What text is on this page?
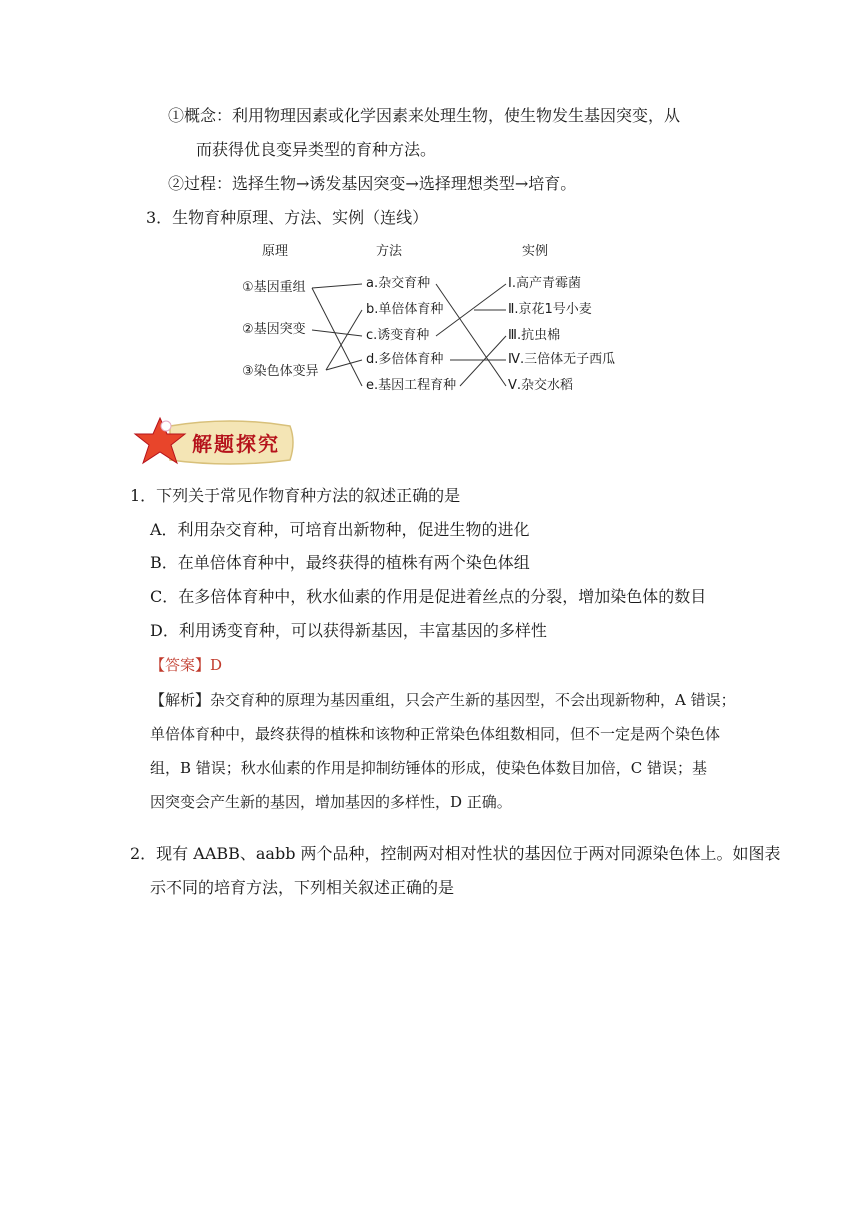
①概念：利用物理因素或化学因素来处理生物，使生物发生基因突变，从
而获得优良变异类型的育种方法。
②过程：选择生物→诱发基因突变→选择理想类型→培育。
3．生物育种原理、方法、实例（连线）
原理	方法	实例
①基因重组
②基因突变
③染色体变异
a.杂交育种
b.单倍体育种
c.诱变育种
d.多倍体育种
e.基因工程育种
Ⅰ.高产青霉菌
Ⅱ.京花1号小麦
Ⅲ.抗虫棉
Ⅳ.三倍体无子西瓜
Ⅴ.杂交水稻
解题探究
1．下列关于常见作物育种方法的叙述正确的是
A．利用杂交育种，可培育出新物种，促进生物的进化
B．在单倍体育种中，最终获得的植株有两个染色体组
C．在多倍体育种中，秋水仙素的作用是促进着丝点的分裂，增加染色体的数目
D．利用诱变育种，可以获得新基因，丰富基因的多样性
【答案】D
【解析】杂交育种的原理为基因重组，只会产生新的基因型，不会出现新物种，A 错误；
单倍体育种中，最终获得的植株和该物种正常染色体组数相同，但不一定是两个染色体
组，B 错误；秋水仙素的作用是抑制纺锤体的形成，使染色体数目加倍，C 错误；基
因突变会产生新的基因，增加基因的多样性，D 正确。
2．现有 AABB、aabb 两个品种，控制两对相对性状的基因位于两对同源染色体上。如图表
示不同的培育方法，下列相关叙述正确的是
